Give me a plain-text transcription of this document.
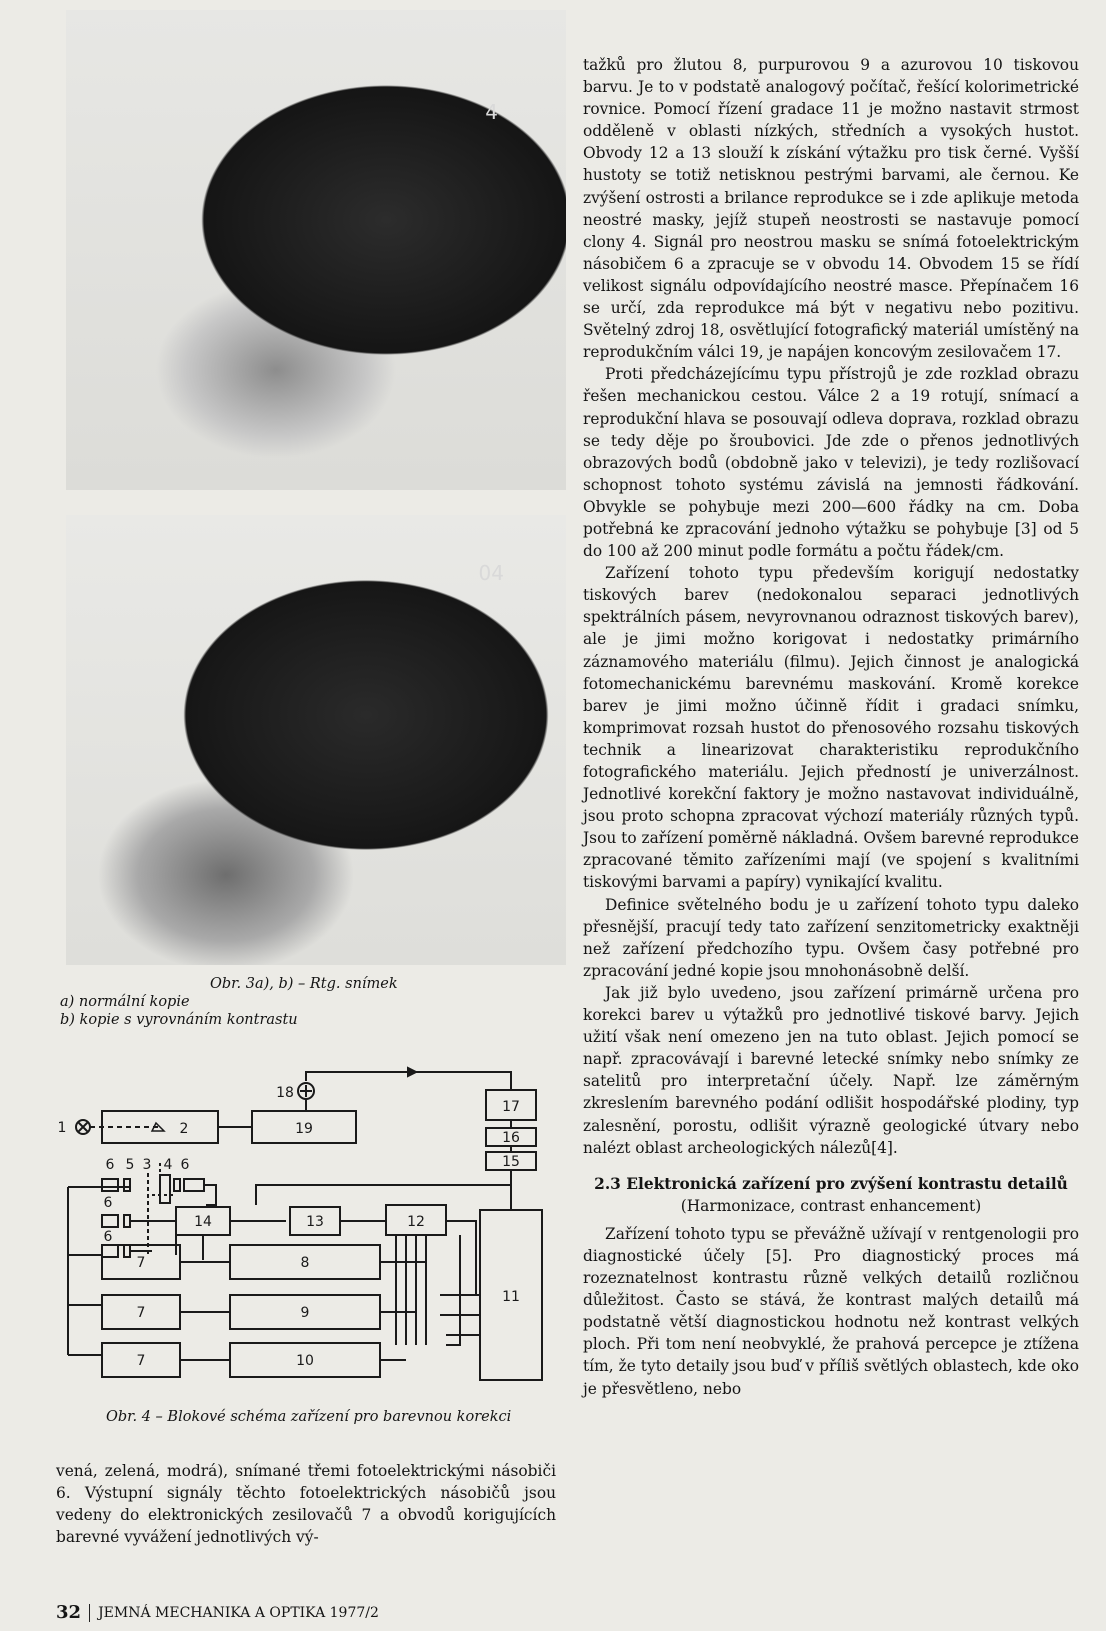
4
04
Obr. 3a), b) – Rtg. snímek
a) normální kopie
b) kopie s vyrovnáním kontrastu
1	2	19
18
17
16
15
6 5 3 4 6
6
6
14	13	12
7
7
7
8
9
10
11
Obr. 4 – Blokové schéma zařízení pro barevnou korekci

tažků pro žlutou 8, purpurovou 9 a azurovou 10 tiskovou barvu. Je to v podstatě analogový počítač, řešící kolorimetrické rovnice. Pomocí řízení gradace 11 je možno nastavit strmost odděleně v oblasti nízkých, středních a vysokých hustot. Obvody 12 a 13 slouží k získání výtažku pro tisk černé. Vyšší hustoty se totiž netisknou pestrými barvami, ale černou. Ke zvýšení ostrosti a brilance reprodukce se i zde aplikuje metoda neostré masky, jejíž stupeň neostrosti se nastavuje pomocí clony 4. Signál pro neostrou masku se snímá fotoelektrickým násobičem 6 a zpracuje se v obvodu 14. Obvodem 15 se řídí velikost signálu odpovídajícího neostré masce. Přepínačem 16 se určí, zda reprodukce má být v negativu nebo pozitivu. Světelný zdroj 18, osvětlující fotografický materiál umístěný na reprodukčním válci 19, je napájen koncovým zesilovačem 17.

Proti předcházejícímu typu přístrojů je zde rozklad obrazu řešen mechanickou cestou. Válce 2 a 19 rotují, snímací a reprodukční hlava se posouvají odleva doprava, rozklad obrazu se tedy děje po šroubovici. Jde zde o přenos jednotlivých obrazových bodů (obdobně jako v televizi), je tedy rozlišovací schopnost tohoto systému závislá na jemnosti řádkování. Obvykle se pohybuje mezi 200—600 řádky na cm. Doba potřebná ke zpracování jednoho výtažku se pohybuje [3] od 5 do 100 až 200 minut podle formátu a počtu řádek/cm.

Zařízení tohoto typu především korigují nedostatky tiskových barev (nedokonalou separaci jednotlivých spektrálních pásem, nevyrovnanou odraznost tiskových barev), ale je jimi možno korigovat i nedostatky primárního záznamového materiálu (filmu). Jejich činnost je analogická fotomechanickému barevnému maskování. Kromě korekce barev je jimi možno účinně řídit i gradaci snímku, komprimovat rozsah hustot do přenosového rozsahu tiskových technik a linearizovat charakteristiku reprodukčního fotografického materiálu. Jejich předností je univerzálnost. Jednotlivé korekční faktory je možno nastavovat individuálně, jsou proto schopna zpracovat výchozí materiály různých typů. Jsou to zařízení poměrně nákladná. Ovšem barevné reprodukce zpracované těmito zařízeními mají (ve spojení s kvalitními tiskovými barvami a papíry) vynikající kvalitu.

Definice světelného bodu je u zařízení tohoto typu daleko přesnější, pracují tedy tato zařízení senzitometricky exaktněji než zařízení předchozího typu. Ovšem časy potřebné pro zpracování jedné kopie jsou mnohonásobně delší.

Jak již bylo uvedeno, jsou zařízení primárně určena pro korekci barev u výtažků pro jednotlivé tiskové barvy. Jejich užití však není omezeno jen na tuto oblast. Jejich pomocí se např. zpracovávají i barevné letecké snímky nebo snímky ze satelitů pro interpretační účely. Např. lze záměrným zkreslením barevného podání odlišit hospodářské plodiny, typ zalesnění, porostu, odlišit výrazně geologické útvary nebo nalézt oblast archeologických nálezů[4].

2.3 Elektronická zařízení pro zvýšení kontrastu detailů
(Harmonizace, contrast enhancement)

Zařízení tohoto typu se převážně užívají v rentgenologii pro diagnostické účely [5]. Pro diagnostický proces má rozeznatelnost kontrastu různě velkých detailů rozličnou důležitost. Často se stává, že kontrast malých detailů má podstatně větší diagnostickou hodnotu než kontrast velkých ploch. Při tom není neobvyklé, že prahová percepce je ztížena tím, že tyto detaily jsou buď v příliš světlých oblastech, kde oko je přesvětleno, nebo

vená, zelená, modrá), snímané třemi fotoelektrickými násobiči 6. Výstupní signály těchto fotoelektrických násobičů jsou vedeny do elektronických zesilovačů 7 a obvodů korigujících barevné vyvážení jednotlivých vý-

32 JEMNÁ MECHANIKA A OPTIKA 1977/2
